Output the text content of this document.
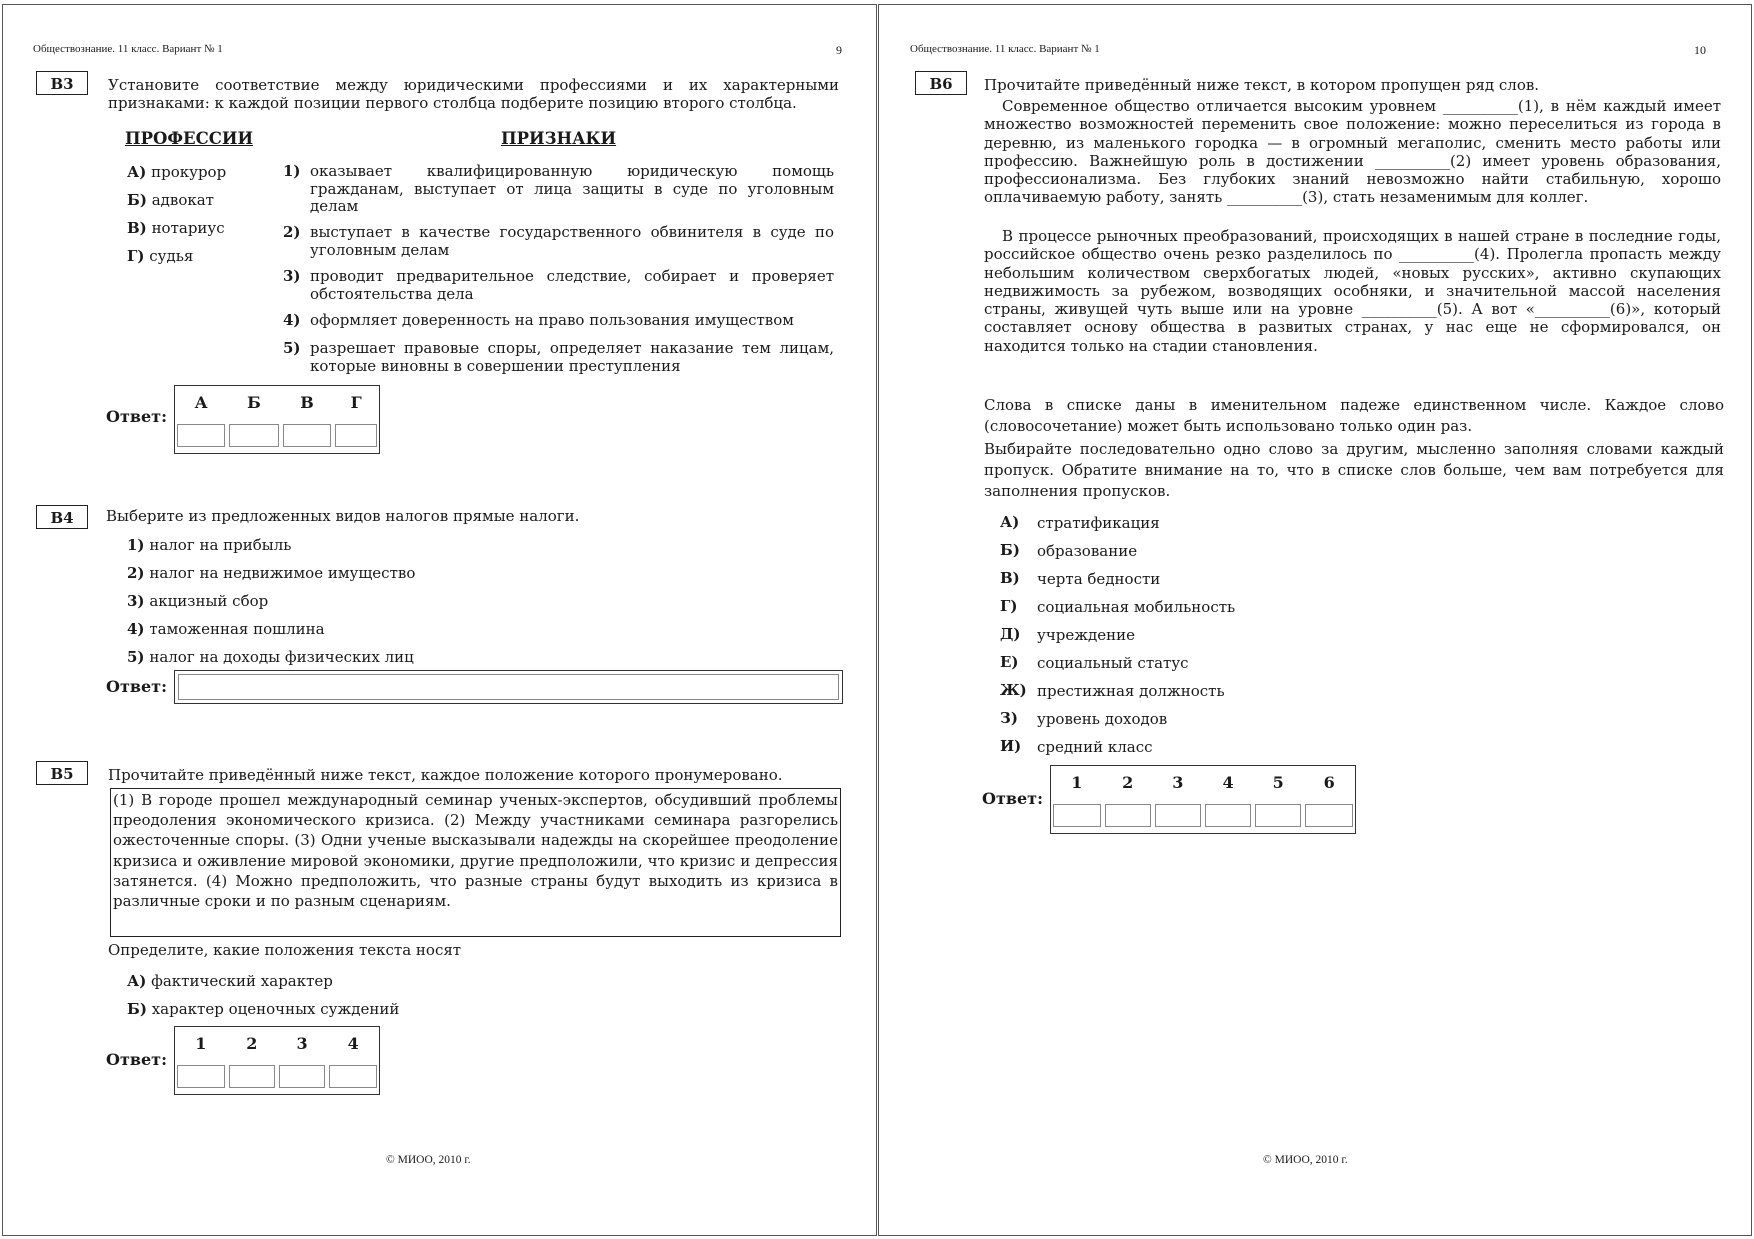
Обществознание. 11 класс. Вариант № 1	9
B3	Установите соответствие между юридическими профессиями и их характерными признаками: к каждой позиции первого столбца подберите позицию второго столбца.
ПРОФЕССИИ	ПРИЗНАКИ
А) прокурор
Б) адвокат
В) нотариус
Г) судья
1) оказывает квалифицированную юридическую помощь гражданам, выступает от лица защиты в суде по уголовным делам
2) выступает в качестве государственного обвинителя в суде по уголовным делам
3) проводит предварительное следствие, собирает и проверяет обстоятельства дела
4) оформляет доверенность на право пользования имуществом
5) разрешает правовые споры, определяет наказание тем лицам, которые виновны в совершении преступления
Ответ:
А	Б	В	Г

B4	Выберите из предложенных видов налогов прямые налоги.
1) налог на прибыль
2) налог на недвижимое имущество
3) акцизный сбор
4) таможенная пошлина
5) налог на доходы физических лиц
Ответ:
B5	Прочитайте приведённый ниже текст, каждое положение которого пронумеровано.
(1) В городе прошел международный семинар ученых-экспертов, обсудивший проблемы преодоления экономического кризиса. (2) Между участниками семинара разгорелись ожесточенные споры. (3) Одни ученые высказывали надежды на скорейшее преодоление кризиса и оживление мировой экономики, другие предположили, что кризис и депрессия затянется. (4) Можно предположить, что разные страны будут выходить из кризиса в различные сроки и по разным сценариям.
Определите, какие положения текста носят
А) фактический характер
Б) характер оценочных суждений
Ответ:
1	2	3	4

© МИОО, 2010 г.
Обществознание. 11 класс. Вариант № 1	10
B6	Прочитайте приведённый ниже текст, в котором пропущен ряд слов.
Современное общество отличается высоким уровнем __________(1), в нём каждый имеет множество возможностей переменить свое положение: можно переселиться из города в деревню, из маленького городка — в огромный мегаполис, сменить место работы или профессию. Важнейшую роль в достижении __________(2) имеет уровень образования, профессионализма. Без глубоких знаний невозможно найти стабильную, хорошо оплачиваемую работу, занять __________(3), стать незаменимым для коллег.
В процессе рыночных преобразований, происходящих в нашей стране в последние годы, российское общество очень резко разделилось по __________(4). Пролегла пропасть между небольшим количеством сверхбогатых людей, «новых русских», активно скупающих недвижимость за рубежом, возводящих особняки, и значительной массой населения страны, живущей чуть выше или на уровне __________(5). А вот «__________(6)», который составляет основу общества в развитых странах, у нас еще не сформировался, он находится только на стадии становления.
Слова в списке даны в именительном падеже единственном числе. Каждое слово (словосочетание) может быть использовано только один раз.
Выбирайте последовательно одно слово за другим, мысленно заполняя словами каждый пропуск. Обратите внимание на то, что в списке слов больше, чем вам потребуется для заполнения пропусков.
А) стратификация
Б) образование
В) черта бедности
Г) социальная мобильность
Д) учреждение
Е) социальный статус
Ж) престижная должность
З) уровень доходов
И) средний класс
Ответ:
1	2	3	4	5	6

© МИОО, 2010 г.
